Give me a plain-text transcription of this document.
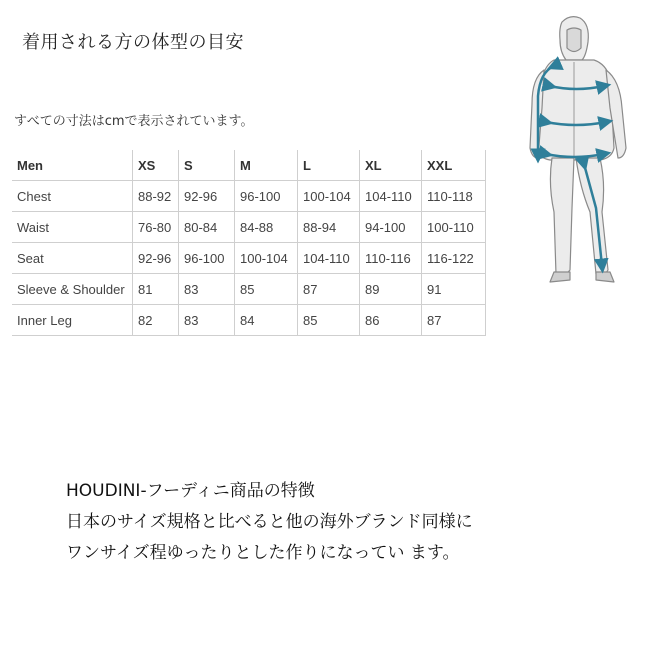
着用される方の体型の目安
すべての寸法はcmで表示されています。
Men	XS	S	M	L	XL	XXL
Chest	88-92	92-96	96-100	100-104	104-110	110-118
Waist	76-80	80-84	84-88	88-94	94-100	100-110
Seat	92-96	96-100	100-104	104-110	110-116	116-122
Sleeve & Shoulder	81	83	85	87	89	91
Inner Leg	82	83	84	85	86	87
HOUDINI-フーディニ商品の特徴
日本のサイズ規格と比べると他の海外ブランド同様に
ワンサイズ程ゆったりとした作りになってい ます。
